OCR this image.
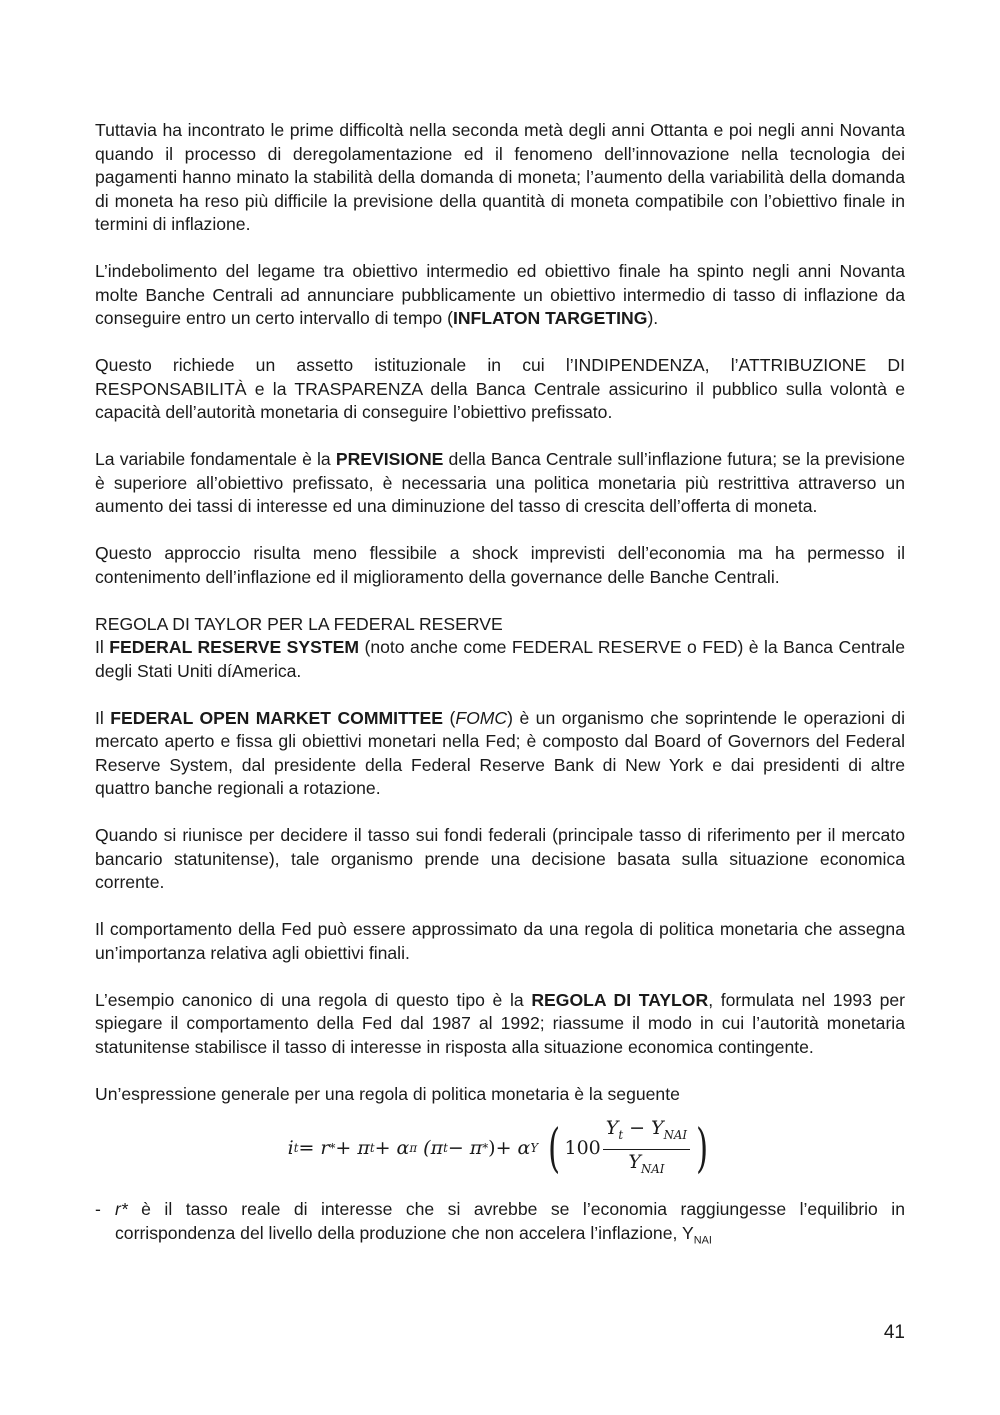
Tuttavia ha incontrato le prime difficoltà nella seconda metà degli anni Ottanta e poi negli anni Novanta quando il processo di deregolamentazione ed il fenomeno dell’innovazione nella tecnologia dei pagamenti hanno minato la stabilità della domanda di moneta; l’aumento della variabilità della domanda di moneta ha reso più difficile la previsione della quantità di moneta compatibile con l’obiettivo finale in termini di inflazione.

L’indebolimento del legame tra obiettivo intermedio ed obiettivo finale ha spinto negli anni Novanta molte Banche Centrali ad annunciare pubblicamente un obiettivo intermedio di tasso di inflazione da conseguire entro un certo intervallo di tempo (INFLATON TARGETING).

Questo richiede un assetto istituzionale in cui l’INDIPENDENZA, l’ATTRIBUZIONE DI RESPONSABILITÀ e la TRASPARENZA della Banca Centrale assicurino il pubblico sulla volontà e capacità dell’autorità monetaria di conseguire l’obiettivo prefissato.

La variabile fondamentale è la PREVISIONE della Banca Centrale sull’inflazione futura; se la previsione è superiore all’obiettivo prefissato, è necessaria una politica monetaria più restrittiva attraverso un aumento dei tassi di interesse ed una diminuzione del tasso di crescita dell’offerta di moneta.

Questo approccio risulta meno flessibile a shock imprevisti dell’economia ma ha permesso il contenimento dell’inflazione ed il miglioramento della governance delle Banche Centrali.

REGOLA DI TAYLOR PER LA FEDERAL RESERVE

Il FEDERAL RESERVE SYSTEM (noto anche come FEDERAL RESERVE o FED) è la Banca Centrale degli Stati Uniti díAmerica.

Il FEDERAL OPEN MARKET COMMITTEE (FOMC) è un organismo che soprintende le operazioni di mercato aperto e fissa gli obiettivi monetari nella Fed; è composto dal Board of Governors del Federal Reserve System, dal presidente della Federal Reserve Bank di New York e dai presidenti di altre quattro banche regionali a rotazione.

Quando si riunisce per decidere il tasso sui fondi federali (principale tasso di riferimento per il mercato bancario statunitense), tale organismo prende una decisione basata sulla situazione economica corrente.

Il comportamento della Fed può essere approssimato da una regola di politica monetaria che assegna un’importanza relativa agli obiettivi finali.

L’esempio canonico di una regola di questo tipo è la REGOLA DI TAYLOR, formulata nel 1993 per spiegare il comportamento della Fed dal 1987 al 1992; riassume il modo in cui l’autorità monetaria statunitense stabilisce il tasso di interesse in risposta alla situazione economica contingente.

Un’espressione generale per una regola di politica monetaria è la seguente

i t = r * + π t + α π
(π t − π * ) + α Y
( $100 \frac{Y_t - Y_{NAI}}{Y_{NAI}}$ )
- r* è il tasso reale di interesse che si avrebbe se l’economia raggiungesse l’equilibrio in corrispondenza del livello della produzione che non accelera l’inflazione, $Y_{NAI}$
41
